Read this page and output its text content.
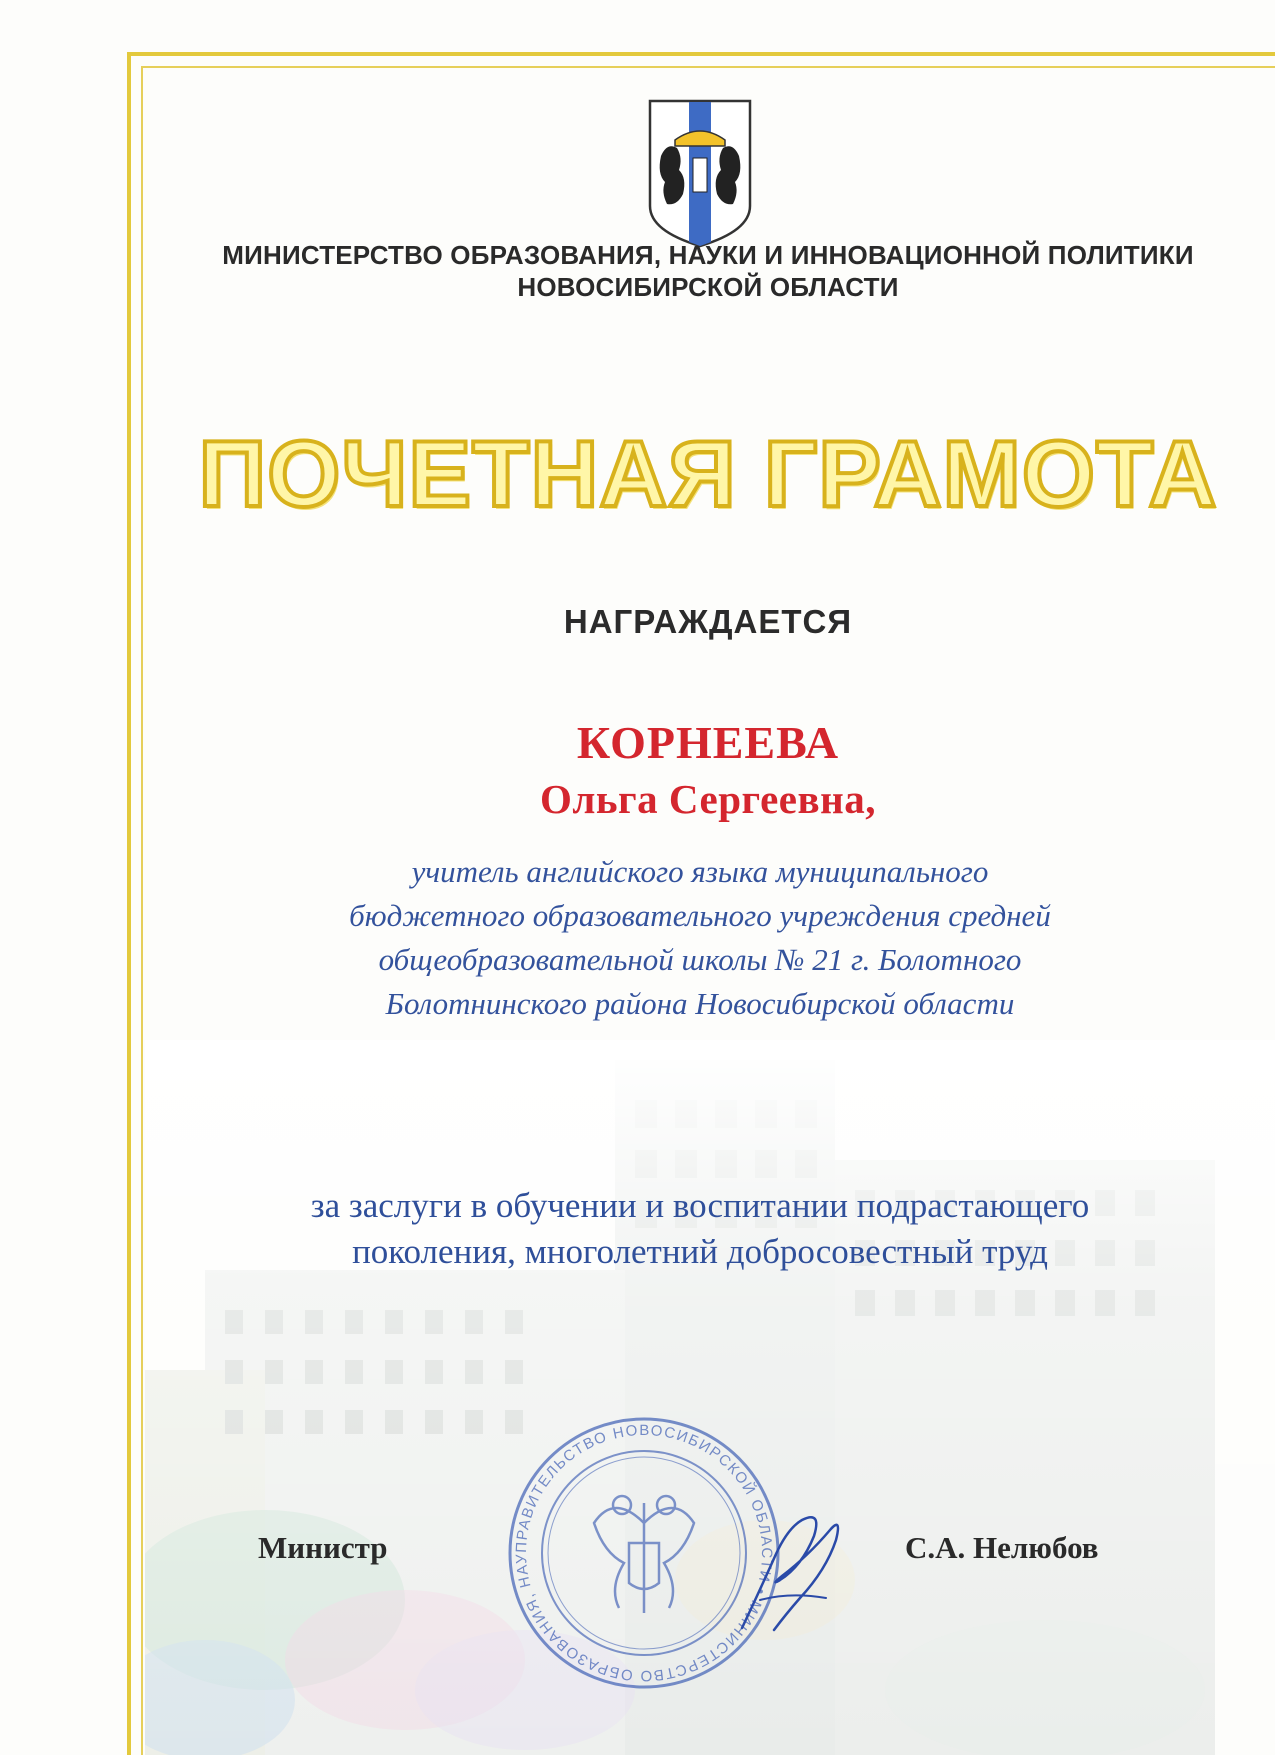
МИНИСТЕРСТВО ОБРАЗОВАНИЯ, НАУКИ И ИННОВАЦИОННОЙ ПОЛИТИКИ
НОВОСИБИРСКОЙ ОБЛАСТИ
ПОЧЕТНАЯ ГРАМОТА
НАГРАЖДАЕТСЯ
КОРНЕЕВА
Ольга Сергеевна,
учитель английского языка муниципального
бюджетного образовательного учреждения средней
общеобразовательной школы № 21 г. Болотного
Болотнинского района Новосибирской области
за заслуги в обучении и воспитании подрастающего
поколения, многолетний добросовестный труд
ПРАВИТЕЛЬСТВО НОВОСИБИРСКОЙ ОБЛАСТИ • МИНИСТЕРСТВО ОБРАЗОВАНИЯ, НАУ
Министр	С.А. Нелюбов
